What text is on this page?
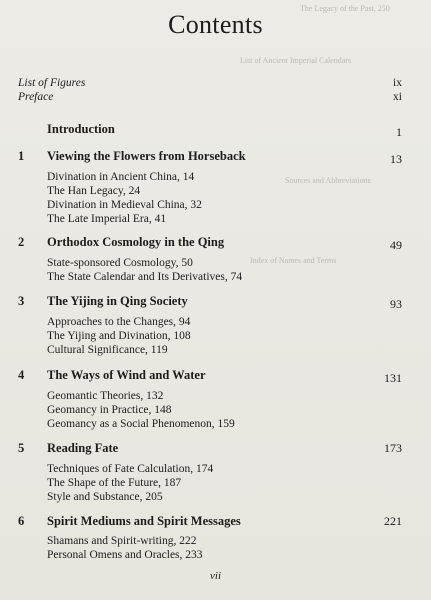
The Legacy of the Past, 250
List of Ancient Imperial Calendars
Sources and Abbreviations
Index of Names and Terms
Contents
List of Figures	ix
Preface	xi
Introduction	1
1 Viewing the Flowers from Horseback	13
Divination in Ancient China, 14
The Han Legacy, 24
Divination in Medieval China, 32
The Late Imperial Era, 41
2 Orthodox Cosmology in the Qing	49
State-sponsored Cosmology, 50
The State Calendar and Its Derivatives, 74
3 The Yijing in Qing Society	93
Approaches to the Changes, 94
The Yijing and Divination, 108
Cultural Significance, 119
4 The Ways of Wind and Water	131
Geomantic Theories, 132
Geomancy in Practice, 148
Geomancy as a Social Phenomenon, 159
5 Reading Fate	173
Techniques of Fate Calculation, 174
The Shape of the Future, 187
Style and Substance, 205
6 Spirit Mediums and Spirit Messages	221
Shamans and Spirit-writing, 222
Personal Omens and Oracles, 233
vii
